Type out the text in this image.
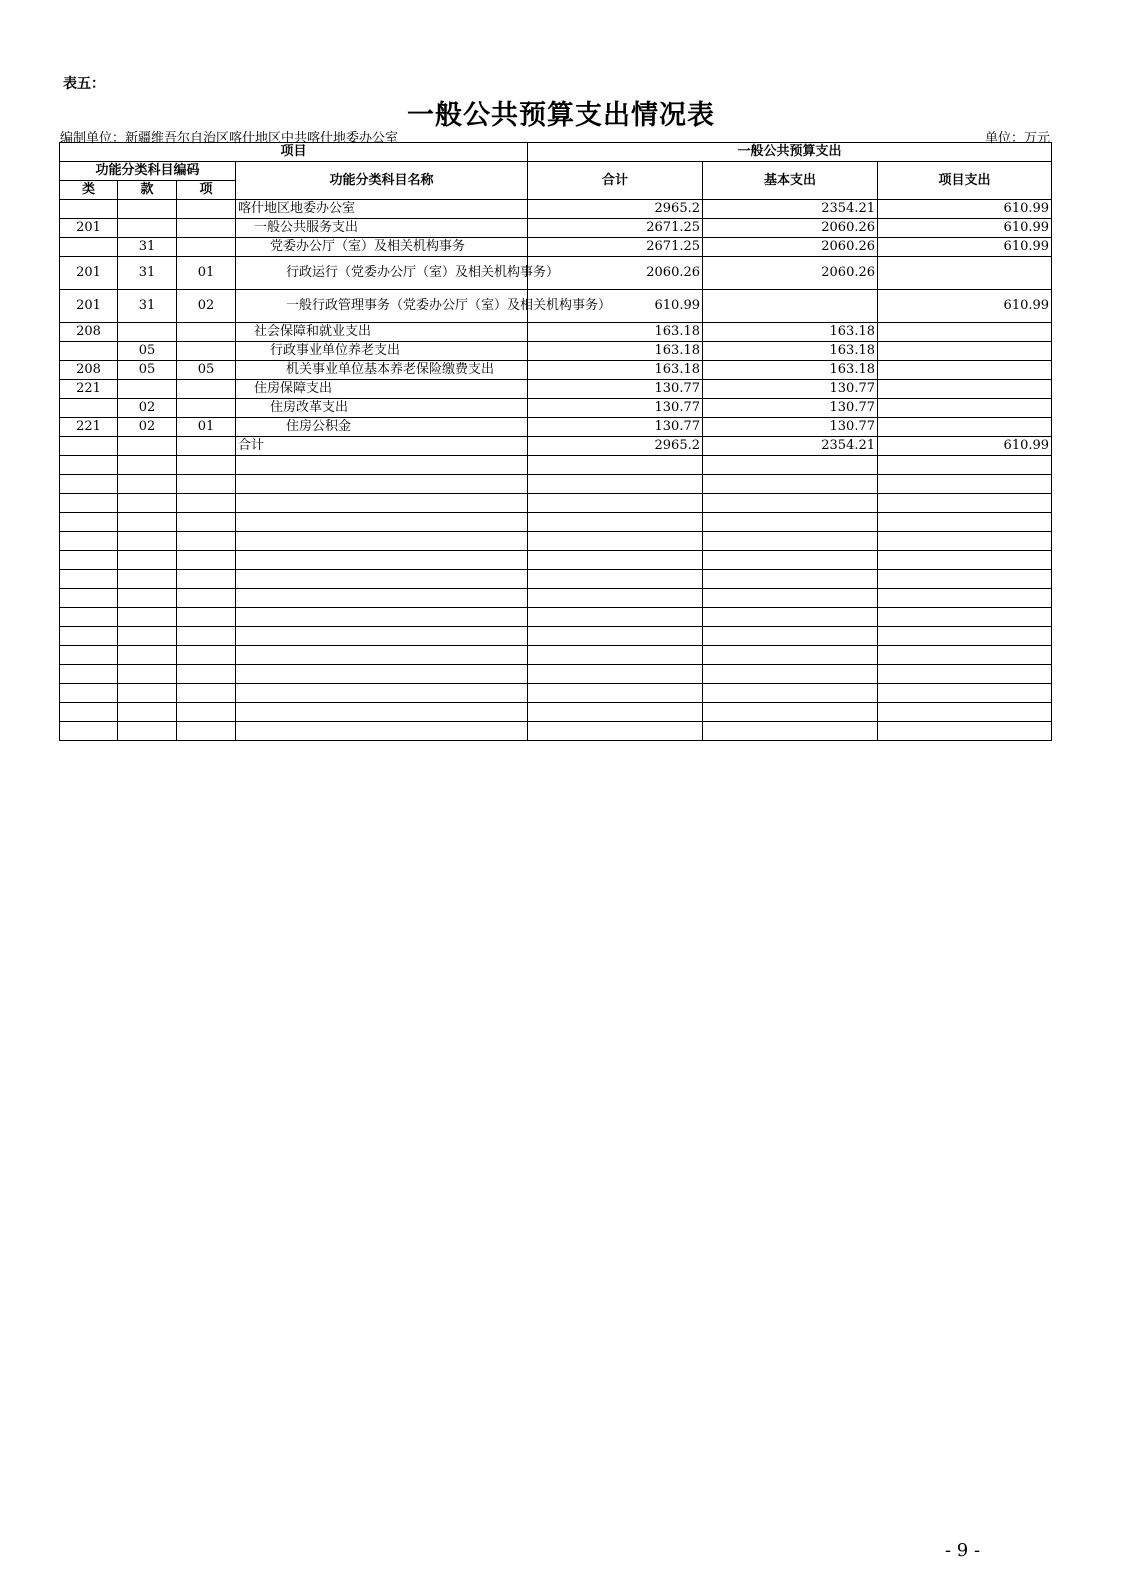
表五：
一般公共预算支出情况表
编制单位：新疆维吾尔自治区喀什地区中共喀什地委办公室	单位：万元
项目				一般公共预算支出		
功能分类科目编码			功能分类科目名称	合计	基本支出	项目支出
类	款	项				
			喀什地区地委办公室	2965.2	2354.21	610.99
201			一般公共服务支出	2671.25	2060.26	610.99
	31		党委办公厅（室）及相关机构事务	2671.25	2060.26	610.99
201	31	01	行政运行（党委办公厅（室）及相关机构事务）	2060.26	2060.26	
201	31	02	一般行政管理事务（党委办公厅（室）及相关机构事务）	610.99		610.99
208			社会保障和就业支出	163.18	163.18	
	05		行政事业单位养老支出	163.18	163.18	
208	05	05	机关事业单位基本养老保险缴费支出	163.18	163.18	
221			住房保障支出	130.77	130.77	
	02		住房改革支出	130.77	130.77	
221	02	01	住房公积金	130.77	130.77	
			合计	2965.2	2354.21	610.99

- 9 -
